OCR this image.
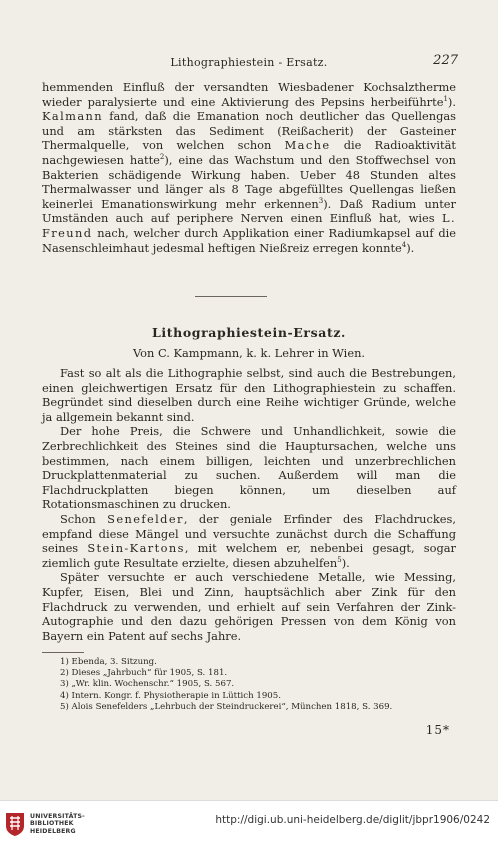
Lithographiestein - Ersatz.	227

hemmenden Einfluß der versandten Wiesbadener Kochsalztherme wieder paralysierte und eine Aktivierung des Pepsins herbeiführte$^1$). Kalmann fand, daß die Emanation noch deutlicher das Quellengas und am stärksten das Sediment (Reißacherit) der Gasteiner Thermalquelle, von welchen schon Mache die Radioaktivität nachgewiesen hatte$^2$), eine das Wachstum und den Stoffwechsel von Bakterien schädigende Wirkung haben. Ueber 48 Stunden altes Thermalwasser und länger als 8 Tage abgefülltes Quellengas ließen keinerlei Emanationswirkung mehr erkennen$^3$). Daß Radium unter Umständen auch auf periphere Nerven einen Einfluß hat, wies L. Freund nach, welcher durch Applikation einer Radiumkapsel auf die Nasenschleimhaut jedesmal heftigen Nießreiz erregen konnte$^4$).

Lithographiestein-Ersatz.
Von C. Kampmann, k. k. Lehrer in Wien.

Fast so alt als die Lithographie selbst, sind auch die Bestrebungen, einen gleichwertigen Ersatz für den Lithographiestein zu schaffen. Begründet sind dieselben durch eine Reihe wichtiger Gründe, welche ja allgemein bekannt sind.

Der hohe Preis, die Schwere und Unhandlichkeit, sowie die Zerbrechlichkeit des Steines sind die Hauptursachen, welche uns bestimmen, nach einem billigen, leichten und unzerbrechlichen Druckplattenmaterial zu suchen. Außerdem will man die Flachdruckplatten biegen können, um dieselben auf Rotationsmaschinen zu drucken.

Schon Senefelder, der geniale Erfinder des Flachdruckes, empfand diese Mängel und versuchte zunächst durch die Schaffung seines Stein-Kartons, mit welchem er, nebenbei gesagt, sogar ziemlich gute Resultate erzielte, diesen abzuhelfen$^5$).

Später versuchte er auch verschiedene Metalle, wie Messing, Kupfer, Eisen, Blei und Zinn, hauptsächlich aber Zink für den Flachdruck zu verwenden, und erhielt auf sein Verfahren der Zink-Autographie und den dazu gehörigen Pressen von dem König von Bayern ein Patent auf sechs Jahre.

1) Ebenda, 3. Sitzung.
2) Dieses „Jahrbuch“ für 1905, S. 181.
3) „Wr. klin. Wochenschr.“ 1905, S. 567.
4) Intern. Kongr. f. Physiotherapie in Lüttich 1905.
5) Alois Senefelders „Lehrbuch der Steindruckerei“, München 1818, S. 369.
15*
UNIVERSITÄTS-
BIBLIOTHEK
HEIDELBERG
http://digi.ub.uni-heidelberg.de/diglit/jbpr1906/0242
